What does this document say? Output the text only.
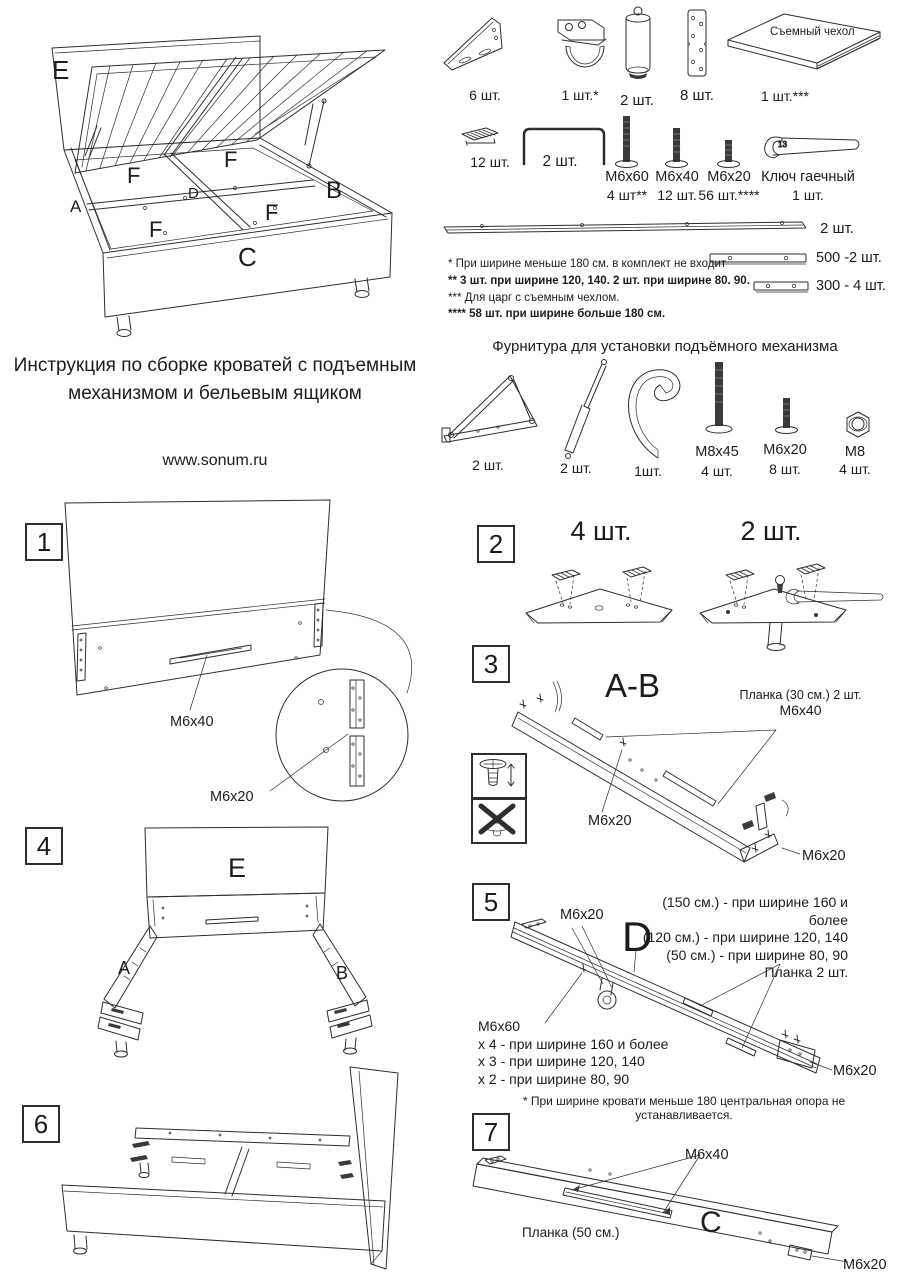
E
F
F
A
D	B
F
F
C
Съемный чехол
6 шт.	1 шт.* 2 шт. 8 шт.	1 шт.***
13
12 шт. 2 шт.
М6х60
4 шт**
М6х40
12 шт.
М6х20
56 шт.****
Ключ гаечный
1 шт.
2 шт.
500 -2 шт.
300 - 4 шт.
* При ширине меньше 180 см. в комплект не входит
** 3 шт. при ширине 120, 140. 2 шт. при ширине 80. 90.
*** Для царг с съемным чехлом.
**** 58 шт. при ширине больше 180 см.
Инструкция по сборке кроватей с подъемным
механизмом и бельевым ящиком
www.sonum.ru
Фурнитура для установки подъёмного механизма
2 шт.	2 шт.	1шт.
М8х45
4 шт.
М6х20
8 шт.
М8
4 шт.
1
М6х40
М6х20
2	4 шт.	2 шт.
3
A-B	Планка (30 см.) 2 шт.
М6х40
М6х20
М6х20
4
E
A	B
5	М6х20 D
(150 см.) - при ширине 160 и более
(120 см.) - при ширине 120, 140
(50 см.) - при ширине 80, 90
Планка 2 шт.
М6х60
х 4 - при ширине 160 и более
х 3 - при ширине 120, 140
х 2 - при ширине 80, 90	М6х20
* При ширине кровати меньше 180 центральная опора не устанавливается.
6	7
М6х40
Планка (50 см.)	C
М6х20
